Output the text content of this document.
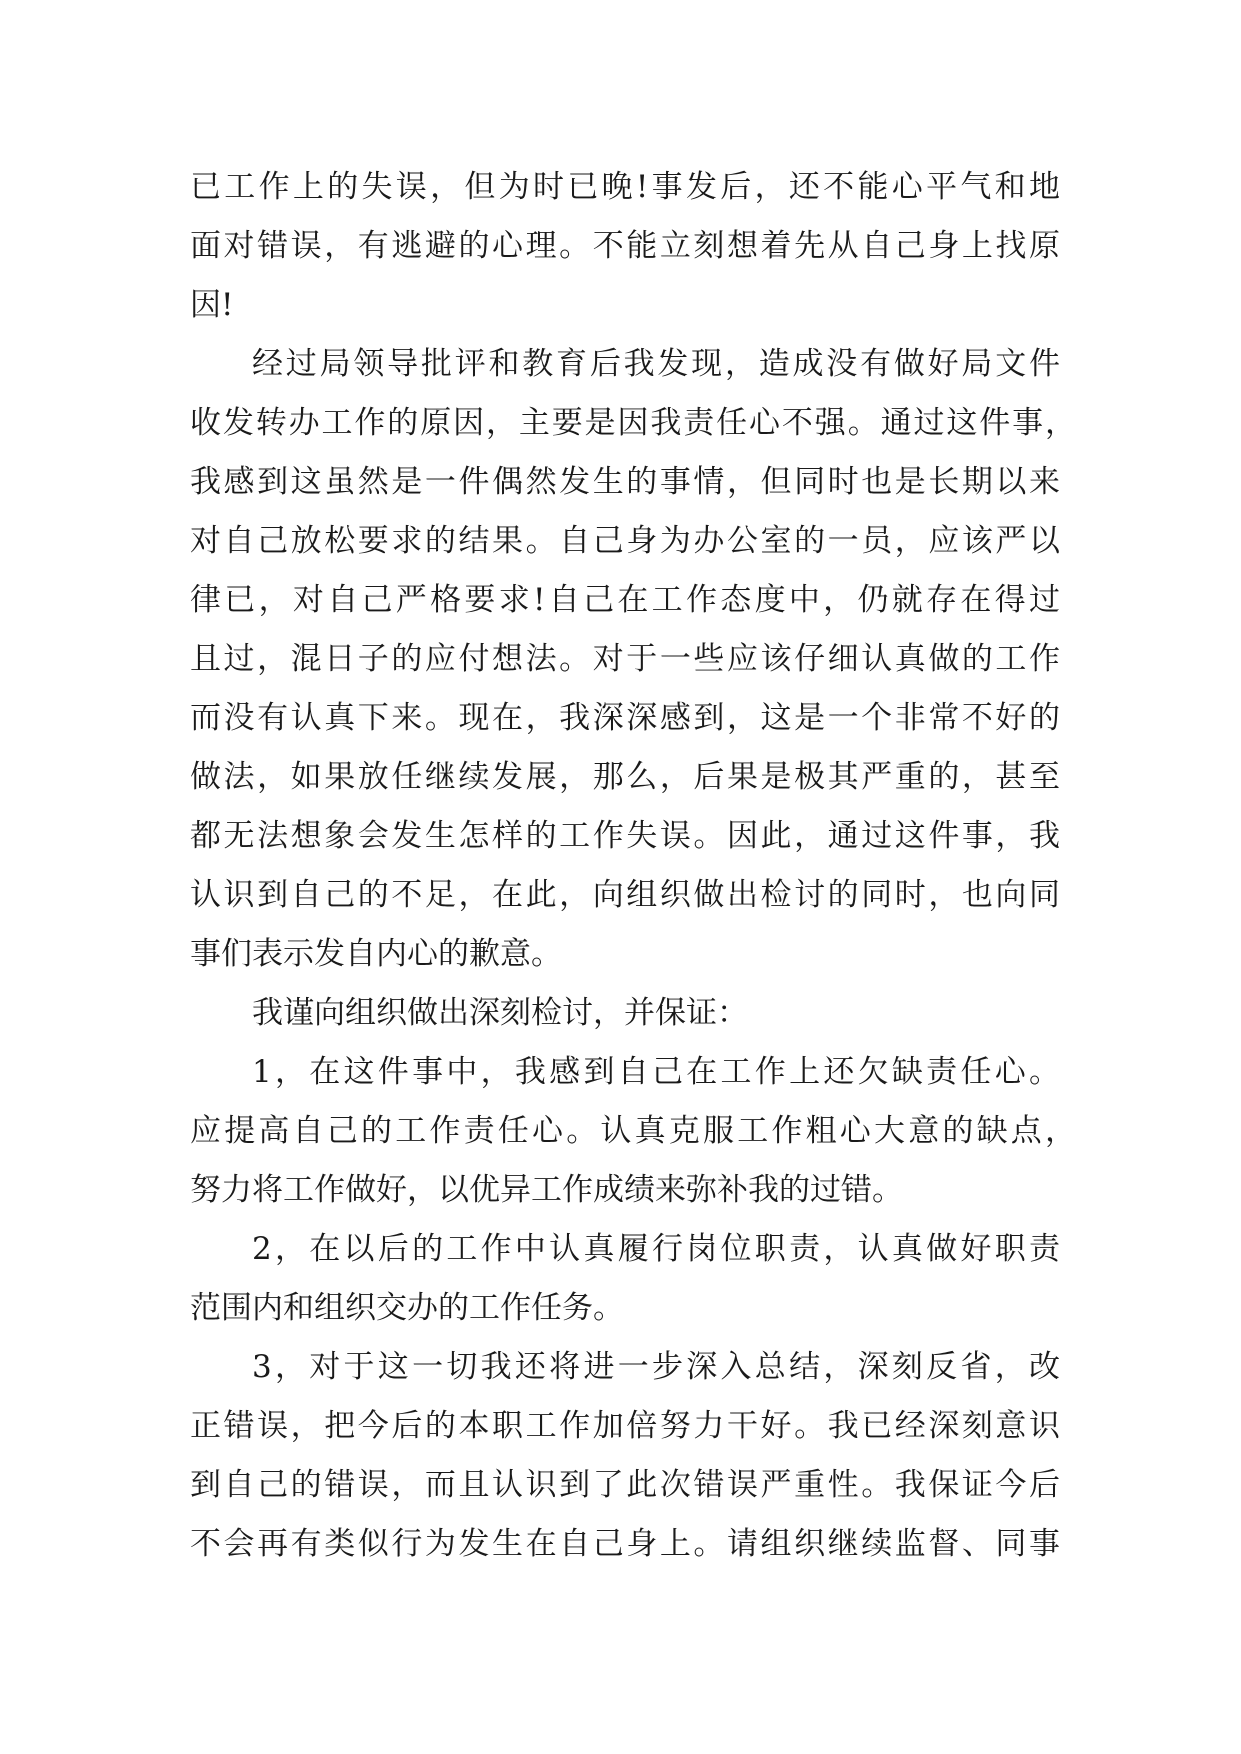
已工作上的失误，但为时已晚!事发后，还不能心平气和地
面对错误，有逃避的心理。不能立刻想着先从自己身上找原
因!
经过局领导批评和教育后我发现，造成没有做好局文件
收发转办工作的原因，主要是因我责任心不强。通过这件事，
我感到这虽然是一件偶然发生的事情，但同时也是长期以来
对自己放松要求的结果。自己身为办公室的一员，应该严以
律已，对自己严格要求!自己在工作态度中，仍就存在得过
且过，混日子的应付想法。对于一些应该仔细认真做的工作
而没有认真下来。现在，我深深感到，这是一个非常不好的
做法，如果放任继续发展，那么，后果是极其严重的，甚至
都无法想象会发生怎样的工作失误。因此，通过这件事，我
认识到自己的不足，在此，向组织做出检讨的同时，也向同
事们表示发自内心的歉意。
我谨向组织做出深刻检讨，并保证：
1，在这件事中，我感到自己在工作上还欠缺责任心。
应提高自己的工作责任心。认真克服工作粗心大意的缺点，
努力将工作做好，以优异工作成绩来弥补我的过错。
2，在以后的工作中认真履行岗位职责，认真做好职责
范围内和组织交办的工作任务。
3，对于这一切我还将进一步深入总结，深刻反省，改
正错误，把今后的本职工作加倍努力干好。我已经深刻意识
到自己的错误，而且认识到了此次错误严重性。我保证今后
不会再有类似行为发生在自己身上。请组织继续监督、同事
